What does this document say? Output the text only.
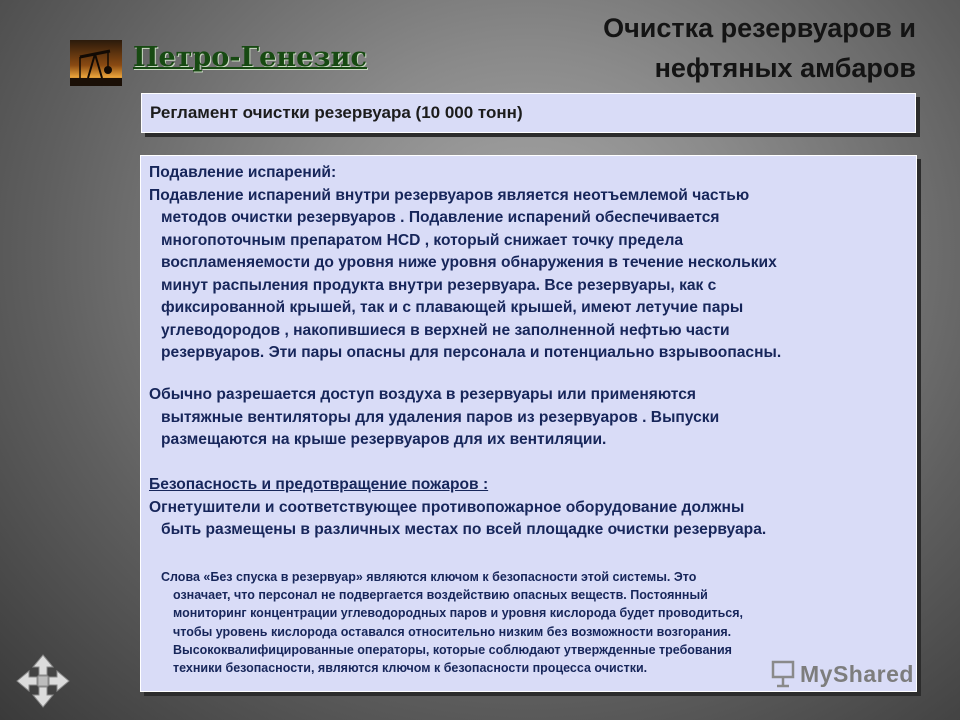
Очистка резервуаров и
нефтяных амбаров
Петро-Генезис
Регламент очистки резервуара (10 000 тонн)
Подавление испарений:
Подавление испарений внутри резервуаров является неотъемлемой частью
методов очистки резервуаров . Подавление испарений обеспечивается
многопоточным препаратом HCD , который снижает точку предела
воспламеняемости до уровня ниже уровня обнаружения в течение нескольких
минут распыления продукта внутри резервуара. Все резервуары, как с
фиксированной крышей, так и с плавающей крышей, имеют летучие пары
углеводородов , накопившиеся в верхней не заполненной нефтью части
резервуаров. Эти пары опасны для персонала и потенциально взрывоопасны.
Обычно разрешается доступ воздуха в резервуары или применяются
вытяжные вентиляторы для удаления паров из резервуаров . Выпуски
размещаются на крыше резервуаров для их вентиляции.
Безопасность и предотвращение пожаров :
Огнетушители и соответствующее противопожарное оборудование должны
быть размещены в различных местах по всей площадке очистки резервуара.
Слова «Без спуска в резервуар» являются ключом к безопасности этой системы. Это
означает, что персонал не подвергается воздействию опасных веществ. Постоянный
мониторинг концентрации углеводородных паров и уровня кислорода будет проводиться,
чтобы уровень кислорода оставался относительно низким без возможности возгорания.
Высококвалифицированные операторы, которые соблюдают утвержденные требования
техники безопасности, являются ключом к безопасности процесса очистки.	MyShared
